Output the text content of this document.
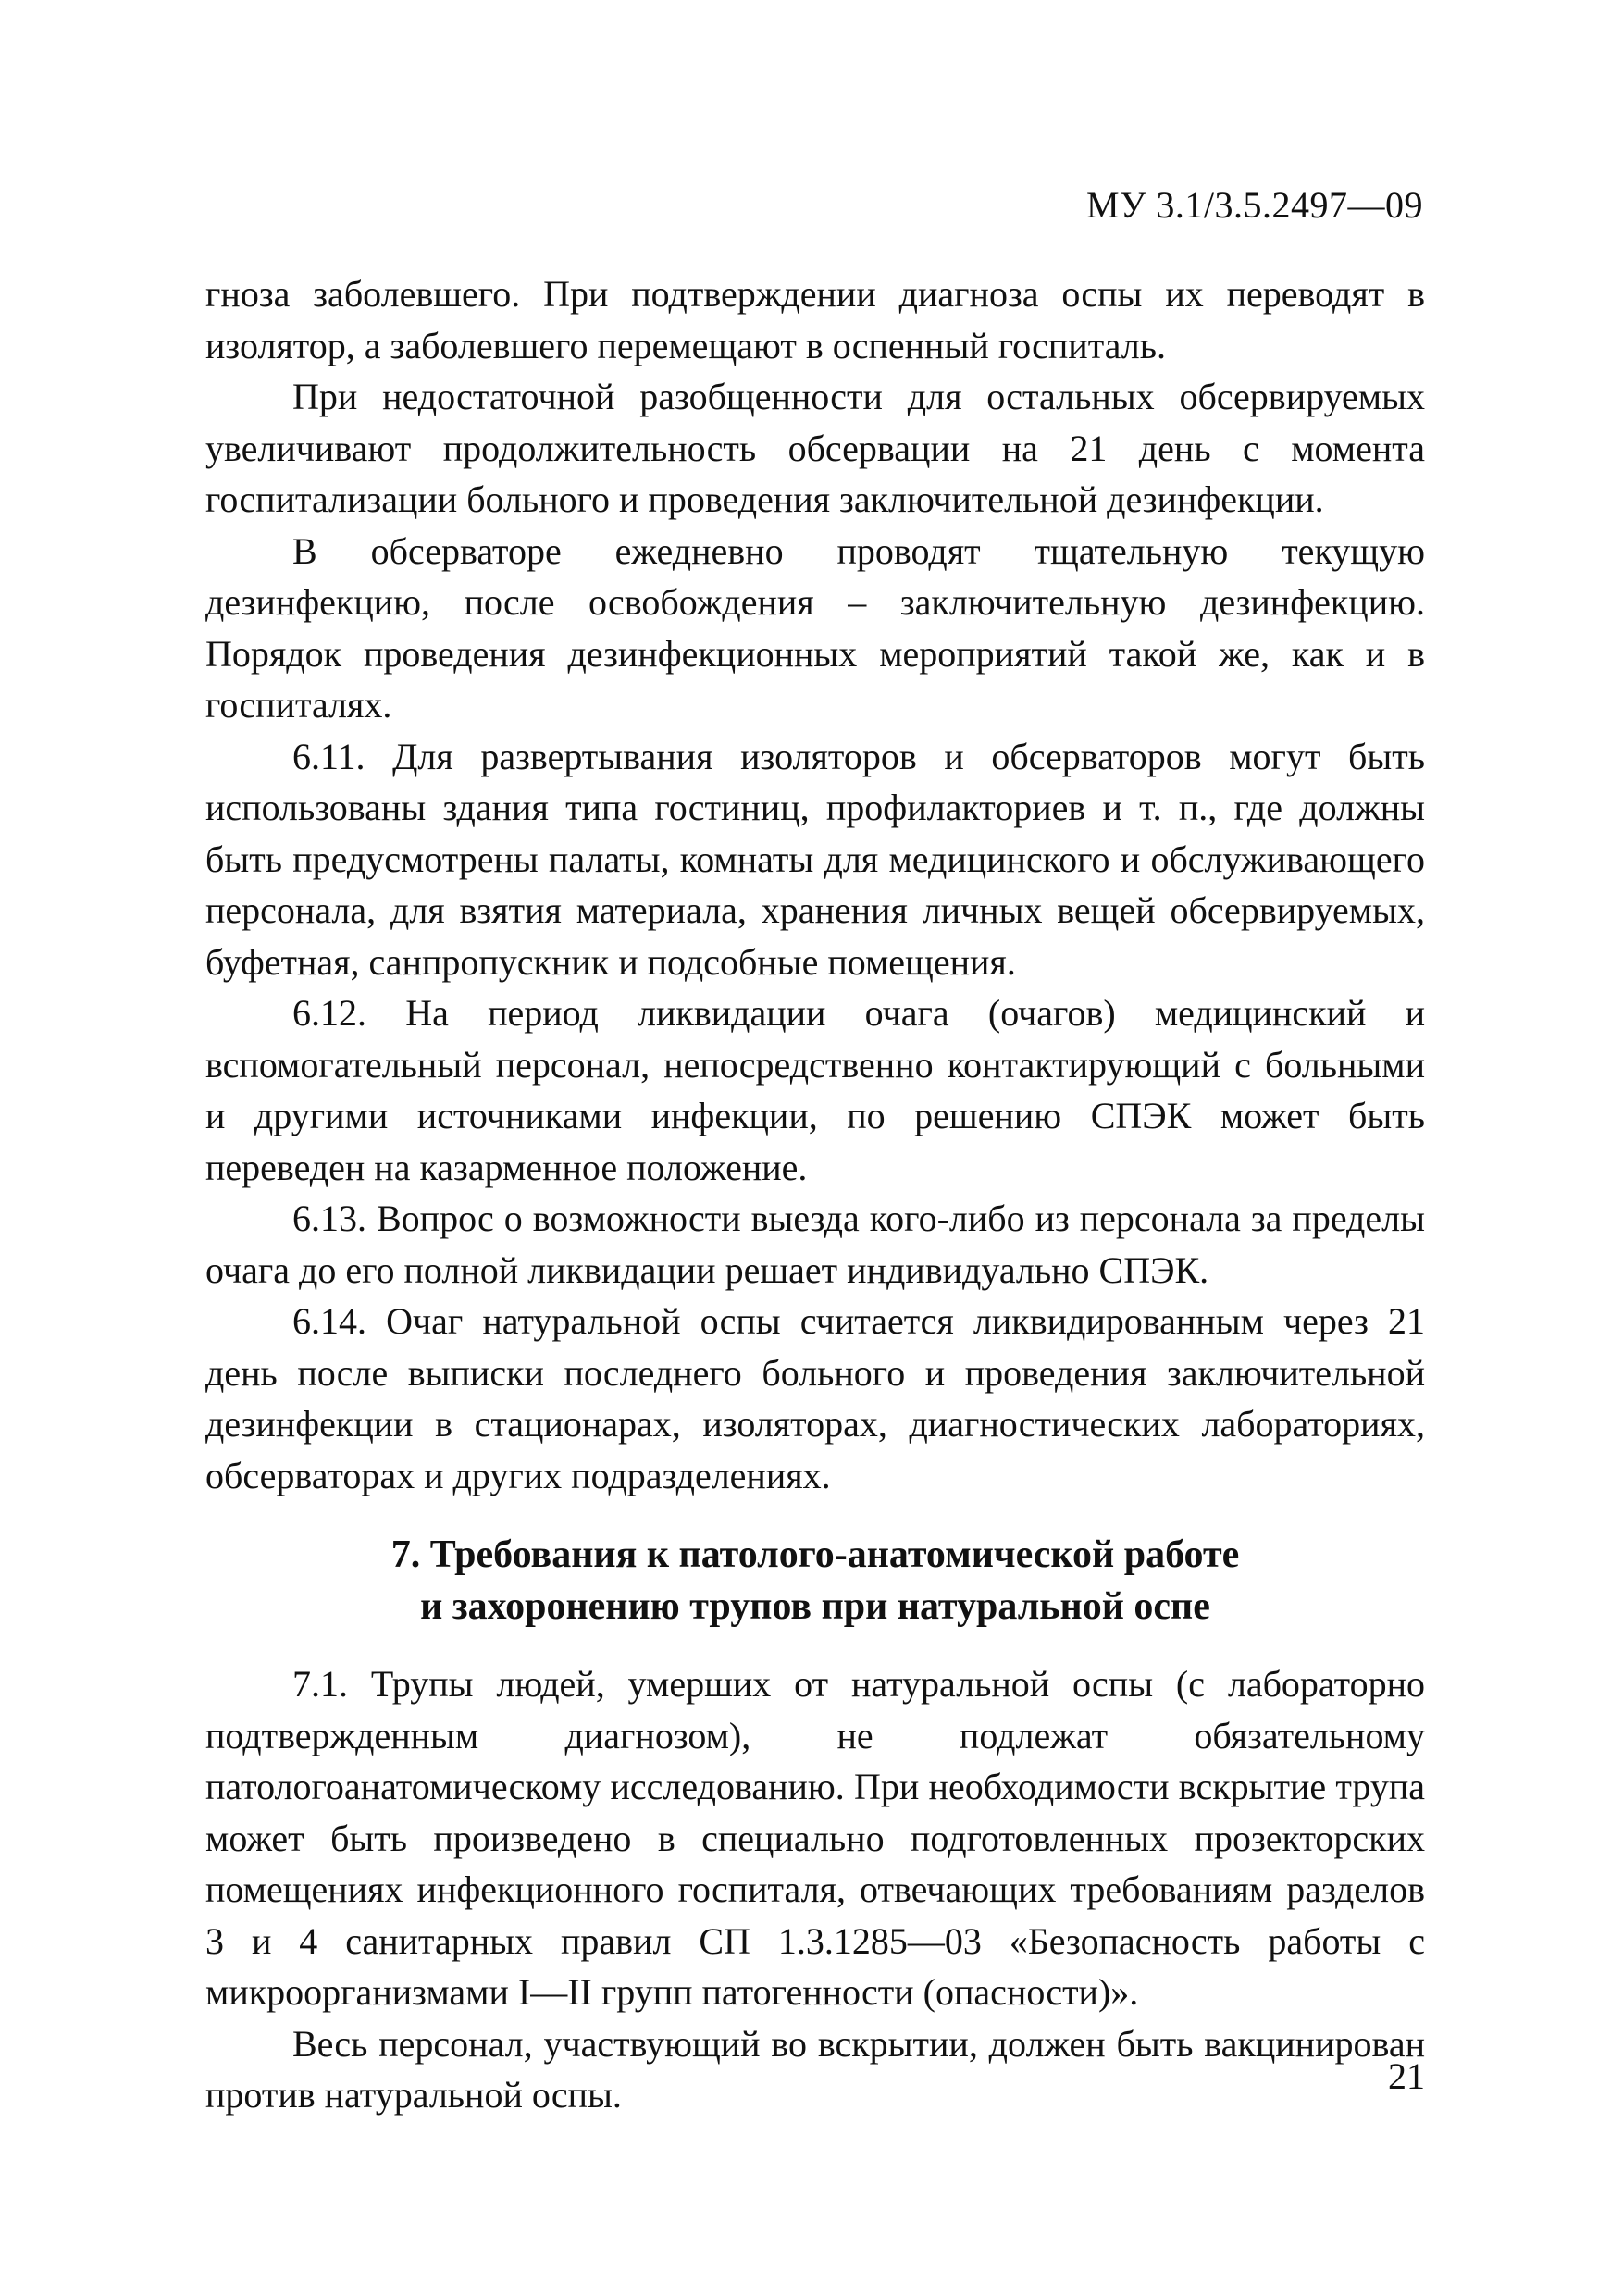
МУ 3.1/3.5.2497—09

гноза заболевшего. При подтверждении диагноза оспы их переводят в изолятор, а заболевшего перемещают в оспенный госпиталь.

При недостаточной разобщенности для остальных обсервируемых увеличивают продолжительность обсервации на 21 день с момента госпитализации больного и проведения заключительной дезинфекции.

В обсерваторе ежедневно проводят тщательную текущую дезинфекцию, после освобождения – заключительную дезинфекцию. Порядок проведения дезинфекционных мероприятий такой же, как и в госпиталях.

6.11. Для развертывания изоляторов и обсерваторов могут быть использованы здания типа гостиниц, профилакториев и т. п., где должны быть предусмотрены палаты, комнаты для медицинского и обслуживающего персонала, для взятия материала, хранения личных вещей обсервируемых, буфетная, санпропускник и подсобные помещения.

6.12. На период ликвидации очага (очагов) медицинский и вспомогательный персонал, непосредственно контактирующий с больными и другими источниками инфекции, по решению СПЭК может быть переведен на казарменное положение.

6.13. Вопрос о возможности выезда кого-либо из персонала за пределы очага до его полной ликвидации решает индивидуально СПЭК.

6.14. Очаг натуральной оспы считается ликвидированным через 21 день после выписки последнего больного и проведения заключительной дезинфекции в стационарах, изоляторах, диагностических лабораториях, обсерваторах и других подразделениях.

7. Требования к патолого-анатомической работе
и захоронению трупов при натуральной оспе

7.1. Трупы людей, умерших от натуральной оспы (с лабораторно подтвержденным диагнозом), не подлежат обязательному патологоанатомическому исследованию. При необходимости вскрытие трупа может быть произведено в специально подготовленных прозекторских помещениях инфекционного госпиталя, отвечающих требованиям разделов 3 и 4 санитарных правил СП 1.3.1285—03 «Безопасность работы с микроорганизмами I—II групп патогенности (опасности)».

Весь персонал, участвующий во вскрытии, должен быть вакцинирован против натуральной оспы.	21
